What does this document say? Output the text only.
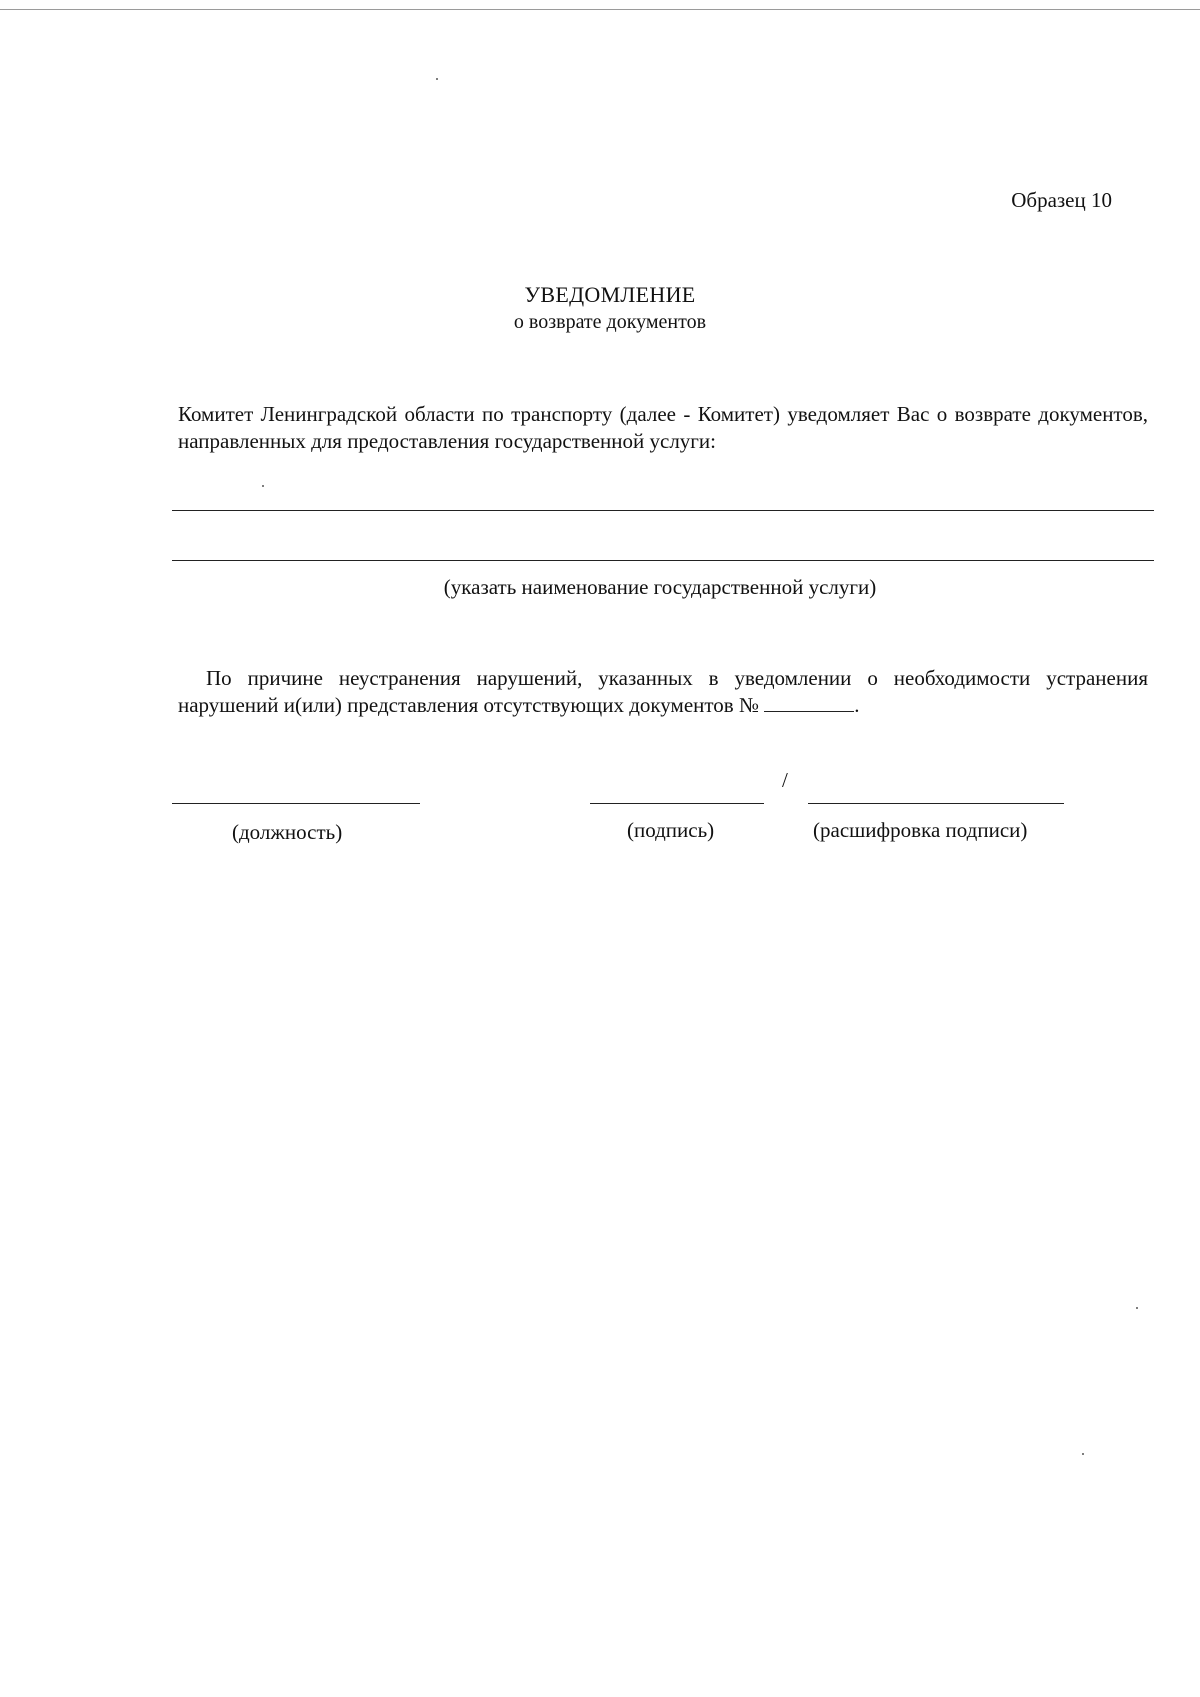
Образец 10
УВЕДОМЛЕНИЕ
о возврате документов
Комитет Ленинградской области по транспорту (далее - Комитет) уведомляет Вас о возврате документов, направленных для предоставления государственной услуги:
(указать наименование государственной услуги)
По причине неустранения нарушений, указанных в уведомлении о необходимости устранения нарушений и(или) представления отсутствующих документов №	.
/
(должность)	(подпись)	(расшифровка подписи)
